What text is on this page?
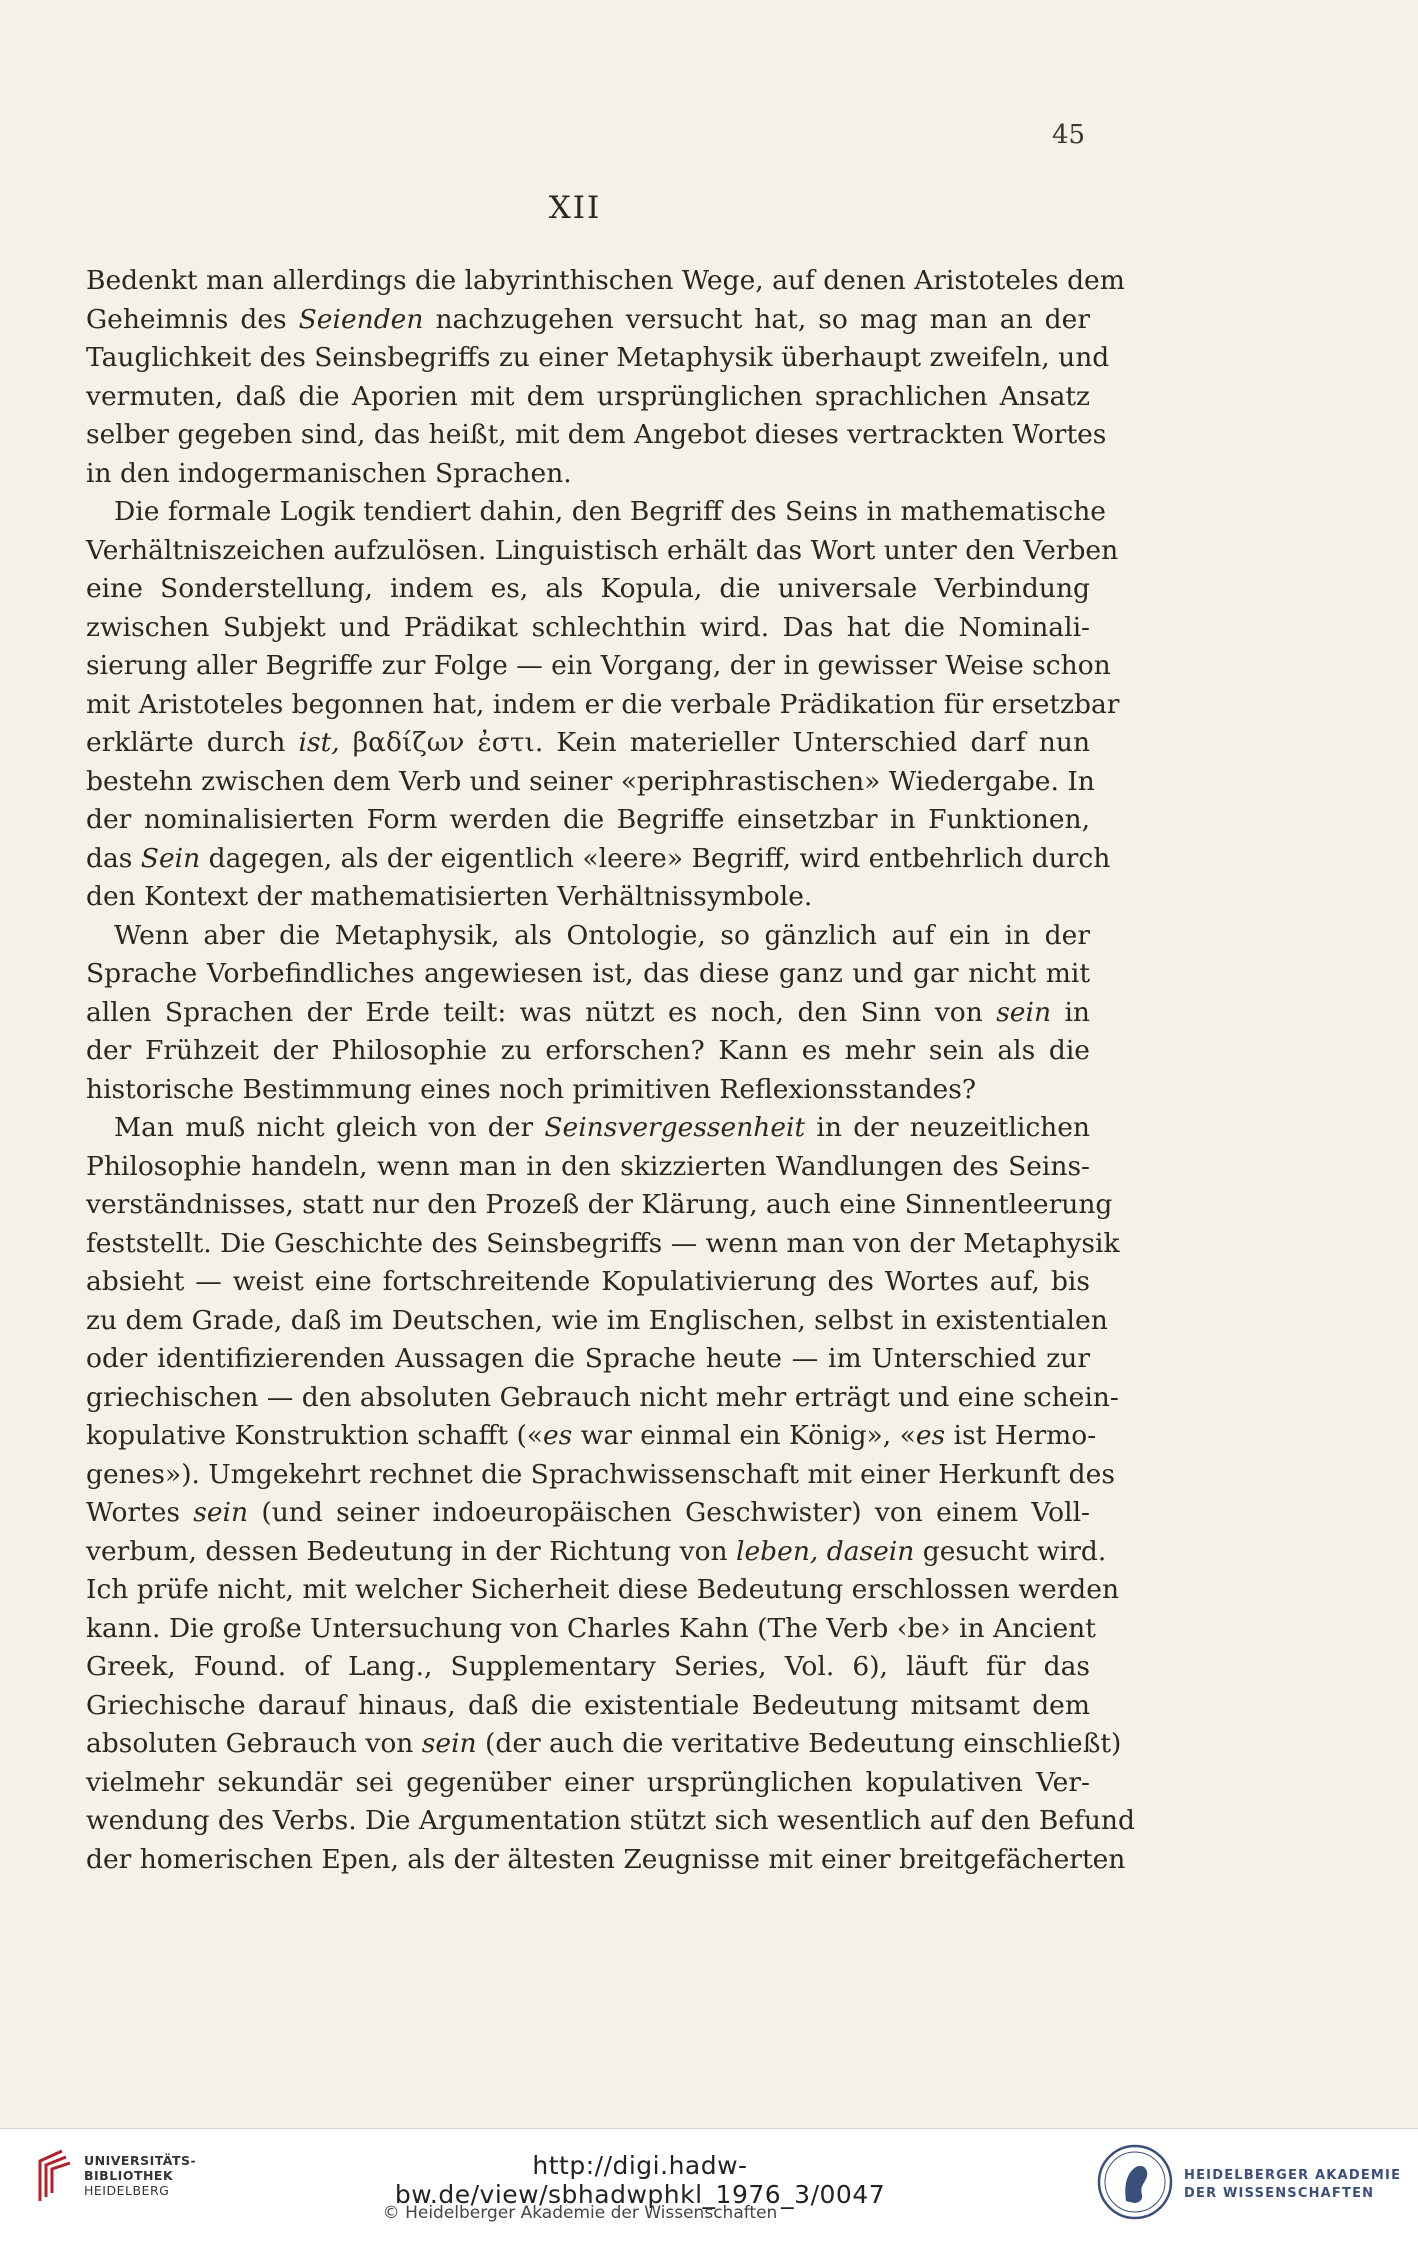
45
XII
Bedenkt man allerdings die labyrinthischen Wege, auf denen Aristoteles dem
Geheimnis des Seienden nachzugehen versucht hat, so mag man an der
Tauglichkeit des Seinsbegriffs zu einer Metaphysik überhaupt zweifeln, und
vermuten, daß die Aporien mit dem ursprünglichen sprachlichen Ansatz
selber gegeben sind, das heißt, mit dem Angebot dieses vertrackten Wortes
in den indogermanischen Sprachen.
Die formale Logik tendiert dahin, den Begriff des Seins in mathematische
Verhältniszeichen aufzulösen. Linguistisch erhält das Wort unter den Verben
eine Sonderstellung, indem es, als Kopula, die universale Verbindung
zwischen Subjekt und Prädikat schlechthin wird. Das hat die Nominali-
sierung aller Begriffe zur Folge — ein Vorgang, der in gewisser Weise schon
mit Aristoteles begonnen hat, indem er die verbale Prädikation für ersetzbar
erklärte durch ist, βαδίζων ἐστι. Kein materieller Unterschied darf nun
bestehn zwischen dem Verb und seiner «periphrastischen» Wiedergabe. In
der nominalisierten Form werden die Begriffe einsetzbar in Funktionen,
das Sein dagegen, als der eigentlich «leere» Begriff, wird entbehrlich durch
den Kontext der mathematisierten Verhältnissymbole.
Wenn aber die Metaphysik, als Ontologie, so gänzlich auf ein in der
Sprache Vorbefindliches angewiesen ist, das diese ganz und gar nicht mit
allen Sprachen der Erde teilt: was nützt es noch, den Sinn von sein in
der Frühzeit der Philosophie zu erforschen? Kann es mehr sein als die
historische Bestimmung eines noch primitiven Reflexionsstandes?
Man muß nicht gleich von der Seinsvergessenheit in der neuzeitlichen
Philosophie handeln, wenn man in den skizzierten Wandlungen des Seins-
verständnisses, statt nur den Prozeß der Klärung, auch eine Sinnentleerung
feststellt. Die Geschichte des Seinsbegriffs — wenn man von der Metaphysik
absieht — weist eine fortschreitende Kopulativierung des Wortes auf, bis
zu dem Grade, daß im Deutschen, wie im Englischen, selbst in existentialen
oder identifizierenden Aussagen die Sprache heute — im Unterschied zur
griechischen — den absoluten Gebrauch nicht mehr erträgt und eine schein-
kopulative Konstruktion schafft («es war einmal ein König», «es ist Hermo-
genes»). Umgekehrt rechnet die Sprachwissenschaft mit einer Herkunft des
Wortes sein (und seiner indoeuropäischen Geschwister) von einem Voll-
verbum, dessen Bedeutung in der Richtung von leben, dasein gesucht wird.
Ich prüfe nicht, mit welcher Sicherheit diese Bedeutung erschlossen werden
kann. Die große Untersuchung von Charles Kahn (The Verb ‹be› in Ancient
Greek, Found. of Lang., Supplementary Series, Vol. 6), läuft für das
Griechische darauf hinaus, daß die existentiale Bedeutung mitsamt dem
absoluten Gebrauch von sein (der auch die veritative Bedeutung einschließt)
vielmehr sekundär sei gegenüber einer ursprünglichen kopulativen Ver-
wendung des Verbs. Die Argumentation stützt sich wesentlich auf den Befund
der homerischen Epen, als der ältesten Zeugnisse mit einer breitgefächerten
UNIVERSITÄTS-
BIBLIOTHEK
HEIDELBERG
http://digi.hadw-bw.de/view/sbhadwphkl_1976_3/0047
© Heidelberger Akademie der Wissenschaften
HEIDELBERGER AKADEMIE
DER WISSENSCHAFTEN
